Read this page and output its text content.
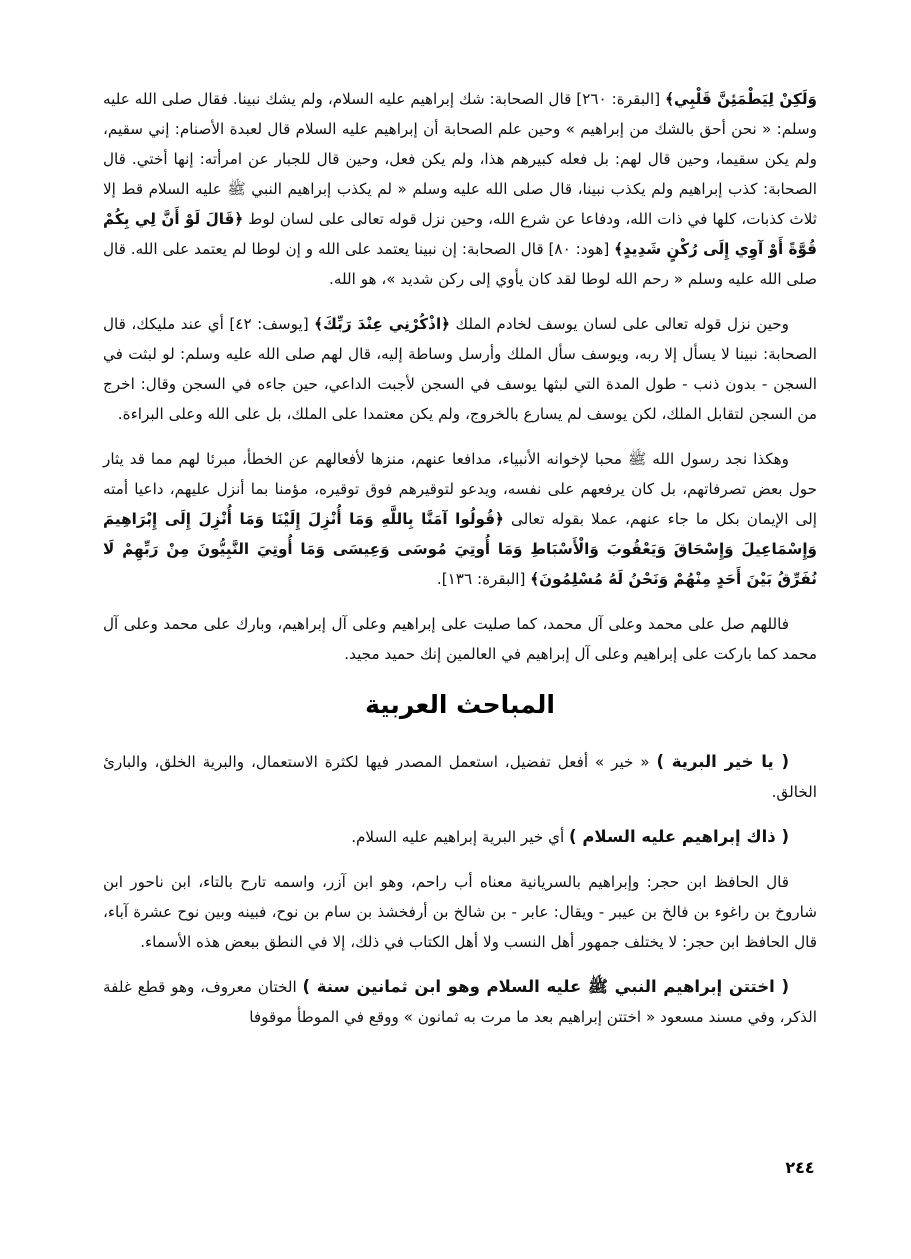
وَلَكِنْ لِيَطْمَئِنَّ قَلْبِي﴾ [البقرة: ٢٦٠] قال الصحابة: شك إبراهيم عليه السلام، ولم يشك نبينا. فقال صلى الله عليه وسلم: « نحن أحق بالشك من إبراهيم » وحين علم الصحابة أن إبراهيم عليه السلام قال لعبدة الأصنام: إني سقيم، ولم يكن سقيما، وحين قال لهم: بل فعله كبيرهم هذا، ولم يكن فعل، وحين قال للجبار عن امرأته: إنها أختي. قال الصحابة: كذب إبراهيم ولم يكذب نبينا، قال صلى الله عليه وسلم « لم يكذب إبراهيم النبي ﷺ عليه السلام قط إلا ثلاث كذبات، كلها في ذات الله، ودفاعا عن شرع الله، وحين نزل قوله تعالى على لسان لوط ﴿قَالَ لَوْ أَنَّ لِي بِكُمْ قُوَّةً أَوْ آوِي إِلَى رُكْنٍ شَدِيدٍ﴾ [هود: ٨٠] قال الصحابة: إن نبينا يعتمد على الله و إن لوطا لم يعتمد على الله. قال صلى الله عليه وسلم « رحم الله لوطا لقد كان يأوي إلى ركن شديد »، هو الله.

وحين نزل قوله تعالى على لسان يوسف لخادم الملك ﴿اذْكُرْنِي عِنْدَ رَبِّكَ﴾ [يوسف: ٤٢] أي عند مليكك، قال الصحابة: نبينا لا يسأل إلا ربه، ويوسف سأل الملك وأرسل وساطة إليه، قال لهم صلى الله عليه وسلم: لو لبثت في السجن - بدون ذنب - طول المدة التي لبثها يوسف في السجن لأجبت الداعي، حين جاءه في السجن وقال: اخرج من السجن لتقابل الملك، لكن يوسف لم يسارع بالخروج، ولم يكن معتمدا على الملك، بل على الله وعلى البراءة.

وهكذا نجد رسول الله ﷺ محبا لإخوانه الأنبياء، مدافعا عنهم، منزها لأفعالهم عن الخطأ، مبرئا لهم مما قد يثار حول بعض تصرفاتهم، بل كان يرفعهم على نفسه، ويدعو لتوقيرهم فوق توقيره، مؤمنا بما أنزل عليهم، داعيا أمته إلى الإيمان بكل ما جاء عنهم، عملا بقوله تعالى ﴿قُولُوا آمَنَّا بِاللَّهِ وَمَا أُنْزِلَ إِلَيْنَا وَمَا أُنْزِلَ إِلَى إِبْرَاهِيمَ وَإِسْمَاعِيلَ وَإِسْحَاقَ وَيَعْقُوبَ وَالْأَسْبَاطِ وَمَا أُوتِيَ مُوسَى وَعِيسَى وَمَا أُوتِيَ النَّبِيُّونَ مِنْ رَبِّهِمْ لَا نُفَرِّقُ بَيْنَ أَحَدٍ مِنْهُمْ وَنَحْنُ لَهُ مُسْلِمُونَ﴾ [البقرة: ١٣٦].

فاللهم صل على محمد وعلى آل محمد، كما صليت على إبراهيم وعلى آل إبراهيم، وبارك على محمد وعلى آل محمد كما باركت على إبراهيم وعلى آل إبراهيم في العالمين إنك حميد مجيد.

المباحث العربية

( يا خير البرية ) « خير » أفعل تفضيل، استعمل المصدر فيها لكثرة الاستعمال، والبرية الخلق، والبارئ الخالق.

( ذاك إبراهيم عليه السلام ) أي خير البرية إبراهيم عليه السلام.

قال الحافظ ابن حجر: وإبراهيم بالسريانية معناه أب راحم، وهو ابن آزر، واسمه تارح بالتاء، ابن ناحور ابن شاروخ بن راغوء بن فالخ بن عيبر - ويقال: عابر - بن شالخ بن أرفخشذ بن سام بن نوح، فبينه وبين نوح عشرة آباء، قال الحافظ ابن حجر: لا يختلف جمهور أهل النسب ولا أهل الكتاب في ذلك، إلا في النطق ببعض هذه الأسماء.

( اختتن إبراهيم النبي ﷺ عليه السلام وهو ابن ثمانين سنة ) الختان معروف، وهو قطع غلفة الذكر، وفي مسند مسعود « اختتن إبراهيم بعد ما مرت به ثمانون » ووقع في الموطأ موقوفا

٢٤٤
